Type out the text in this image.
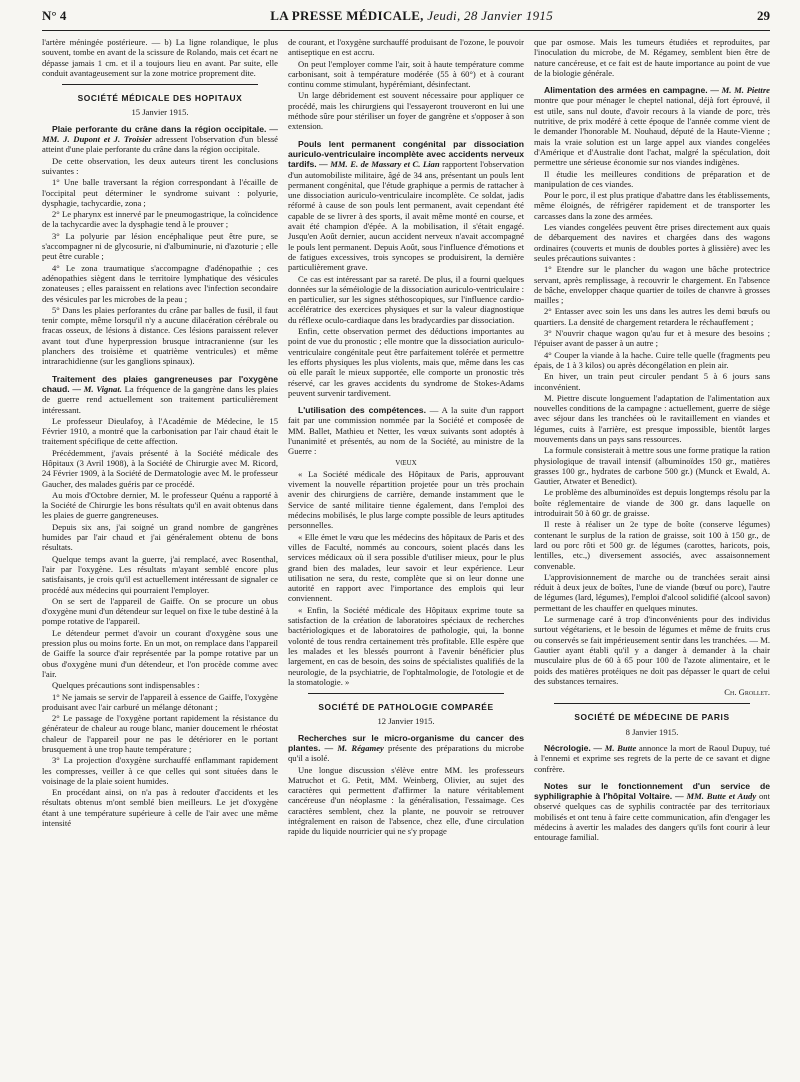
N° 4	LA PRESSE MÉDICALE, Jeudi, 28 Janvier 1915	29

l'artère méningée postérieure. — b) La ligne rolandique, le plus souvent, tombe en avant de la scissure de Rolando, mais cet écart ne dépasse jamais 1 cm. et il a toujours lieu en avant. Par suite, elle conduit avantageusement sur la zone motrice proprement dite.

SOCIÉTÉ MÉDICALE DES HOPITAUX
15 Janvier 1915.

Plaie perforante du crâne dans la région occipitale. — MM. J. Dupont et J. Troisier adressent l'observation d'un blessé atteint d'une plaie perforante du crâne dans la région occipitale.

De cette observation, les deux auteurs tirent les conclusions suivantes :

1° Une balle traversant la région correspondant à l'écaille de l'occipital peut déterminer le syndrome suivant : polyurie, dysphagie, tachycardie, zona ;

2° Le pharynx est innervé par le pneumogastrique, la coïncidence de la tachycardie avec la dysphagie tend à le prouver ;

3° La polyurie par lésion encéphalique peut être pure, se s'accompagner ni de glycosurie, ni d'albuminurie, ni d'azoturie ; elle peut être curable ;

4° Le zona traumatique s'accompagne d'adénopathie ; ces adénopathies siègent dans le territoire lymphatique des vésicules zonateuses ; elles paraissent en relations avec l'infection secondaire des vésicules par les microbes de la peau ;

5° Dans les plaies perforantes du crâne par balles de fusil, il faut tenir compte, même lorsqu'il n'y a aucune dilacération cérébrale ou fracas osseux, de lésions à distance. Ces lésions paraissent relever avant tout d'une hyperpression brusque intracranienne (sur les planchers des troisième et quatrième ventricules) et même intrarachidienne (sur les ganglions spinaux).

Traitement des plaies gangreneuses par l'oxygène chaud. — M. Vignat. La fréquence de la gangrène dans les plaies de guerre rend actuellement son traitement particulièrement intéressant.

Le professeur Dieulafoy, à l'Académie de Médecine, le 15 Février 1910, a montré que la carbonisation par l'air chaud était le traitement spécifique de cette affection.

Précédemment, j'avais présenté à la Société médicale des Hôpitaux (3 Avril 1908), à la Société de Chirurgie avec M. Ricord, 24 Février 1909, à la Société de Dermatologie avec M. le professeur Gaucher, des malades guéris par ce procédé.

Au mois d'Octobre dernier, M. le professeur Quénu a rapporté à la Société de Chirurgie les bons résultats qu'il en avait obtenus dans les plaies de guerre gangreneuses.

Depuis six ans, j'ai soigné un grand nombre de gangrènes humides par l'air chaud et j'ai généralement obtenu de bons résultats.

Quelque temps avant la guerre, j'ai remplacé, avec Rosenthal, l'air par l'oxygène. Les résultats m'ayant semblé encore plus satisfaisants, je crois qu'il est actuellement intéressant de signaler ce procédé aux médecins qui pourraient l'employer.

On se sert de l'appareil de Gaiffe. On se procure un obus d'oxygène muni d'un détendeur sur lequel on fixe le tube destiné à la pompe rotative de l'appareil.

Le détendeur permet d'avoir un courant d'oxygène sous une pression plus ou moins forte. En un mot, on remplace dans l'appareil de Gaiffe la source d'air représentée par la pompe rotative par un obus d'oxygène muni d'un détendeur, et l'on procède comme avec l'air.

Quelques précautions sont indispensables :

1° Ne jamais se servir de l'appareil à essence de Gaiffe, l'oxygène produisant avec l'air carburé un mélange détonant ;

2° Le passage de l'oxygène portant rapidement la résistance du générateur de chaleur au rouge blanc, manier doucement le rhéostat chaleur de l'appareil pour ne pas le détériorer en le portant brusquement à une trop haute température ;

3° La projection d'oxygène surchauffé enflammant rapidement les compresses, veiller à ce que celles qui sont situées dans le voisinage de la plaie soient humides.

En procédant ainsi, on n'a pas à redouter d'accidents et les résultats obtenus m'ont semblé bien meilleurs. Le jet d'oxygène étant à une température supérieure à celle de l'air avec une même intensité

de courant, et l'oxygène surchauffé produisant de l'ozone, le pouvoir antiseptique en est accru.

On peut l'employer comme l'air, soit à haute température comme carbonisant, soit à température modérée (55 à 60°) et à courant continu comme stimulant, hypérémiant, désinfectant.

Un large débridement est souvent nécessaire pour appliquer ce procédé, mais les chirurgiens qui l'essayeront trouveront en lui une méthode sûre pour stériliser un foyer de gangrène et s'opposer à son extension.

Pouls lent permanent congénital par dissociation auriculo-ventriculaire incomplète avec accidents nerveux tardifs. — MM. E. de Massary et C. Lian rapportent l'observation d'un automobiliste militaire, âgé de 34 ans, présentant un pouls lent permanent congénital, que l'étude graphique a permis de rattacher à une dissociation auriculo-ventriculaire incomplète. Ce soldat, jadis réformé à cause de son pouls lent permanent, avait cependant été capable de se livrer à des sports, il avait même monté en course, et avait été champion d'épée. A la mobilisation, il s'était engagé. Jusqu'en Août dernier, aucun accident nerveux n'avait accompagné le pouls lent permanent. Depuis Août, sous l'influence d'émotions et de fatigues excessives, trois syncopes se produisirent, la dernière particulièrement grave.

Ce cas est intéressant par sa rareté. De plus, il a fourni quelques données sur la séméiologie de la dissociation auriculo-ventriculaire : en particulier, sur les signes stéthoscopiques, sur l'influence cardio-accélératrice des exercices physiques et sur la valeur diagnostique du réflexe oculo-cardiaque dans les bradycardies par dissociation.

Enfin, cette observation permet des déductions importantes au point de vue du pronostic ; elle montre que la dissociation auriculo-ventriculaire congénitale peut être parfaitement tolérée et permettre les efforts physiques les plus violents, mais que, même dans les cas où elle paraît le mieux supportée, elle comporte un pronostic très réservé, car les graves accidents du syndrome de Stokes-Adams peuvent survenir tardivement.

L'utilisation des compétences. — A la suite d'un rapport fait par une commission nommée par la Société et composée de MM. Ballet, Mathieu et Netter, les vœux suivants sont adoptés à l'unanimité et présentés, au nom de la Société, au ministre de la Guerre :

VŒUX

« La Société médicale des Hôpitaux de Paris, approuvant vivement la nouvelle répartition projetée pour un très prochain avenir des chirurgiens de carrière, demande instamment que le Service de santé militaire tienne également, dans l'emploi des médecins mobilisés, le plus large compte possible de leurs aptitudes personnelles.

« Elle émet le vœu que les médecins des hôpitaux de Paris et des villes de Faculté, nommés au concours, soient placés dans les services médicaux où il sera possible d'utiliser mieux, pour le plus grand bien des malades, leur savoir et leur expérience. Leur utilisation ne sera, du reste, complète que si on leur donne une autorité en rapport avec l'importance des emplois qui leur conviennent.

« Enfin, la Société médicale des Hôpitaux exprime toute sa satisfaction de la création de laboratoires spéciaux de recherches bactériologiques et de laboratoires de pathologie, qui, la bonne volonté de tous rendra certainement très profitable. Elle espère que les malades et les blessés pourront à l'avenir bénéficier plus largement, en cas de besoin, des soins de spécialistes qualifiés de la neurologie, de la psychiatrie, de l'ophtalmologie, de l'otologie et de la stomatologie. »

SOCIÉTÉ DE PATHOLOGIE COMPARÉE
12 Janvier 1915.

Recherches sur le micro-organisme du cancer des plantes. — M. Régamey présente des préparations du microbe qu'il a isolé.

Une longue discussion s'élève entre MM. les professeurs Matruchot et G. Petit, MM. Weinberg, Olivier, au sujet des caractères qui permettent d'affirmer la nature véritablement cancéreuse d'un néoplasme : la généralisation, l'essaimage. Ces caractères semblent, chez la plante, ne pouvoir se retrouver intégralement en raison de l'absence, chez elle, d'une circulation rapide du liquide nourricier qui ne s'y propage

que par osmose. Mais les tumeurs étudiées et reproduites, par l'inoculation du microbe, de M. Régamey, semblent bien être de nature cancéreuse, et ce fait est de haute importance au point de vue de la biologie générale.

Alimentation des armées en campagne. — M. M. Piettre montre que pour ménager le cheptel national, déjà fort éprouvé, il est utile, sans nul doute, d'avoir recours à la viande de porc, très nutritive, de prix modéré à cette époque de l'année comme vient de le demander l'honorable M. Nouhaud, député de la Haute-Vienne ; mais la vraie solution est un large appel aux viandes congelées d'Amérique et d'Australie dont l'achat, malgré la spéculation, doit permettre une sérieuse économie sur nos viandes indigènes.

Il étudie les meilleures conditions de préparation et de manipulation de ces viandes.

Pour le porc, il est plus pratique d'abattre dans les établissements, même éloignés, de réfrigérer rapidement et de transporter les carcasses dans la zone des armées.

Les viandes congelées peuvent être prises directement aux quais de débarquement des navires et chargées dans des wagons ordinaires (couverts et munis de doubles portes à glissière) avec les seules précautions suivantes :

1° Etendre sur le plancher du wagon une bâche protectrice servant, après remplissage, à recouvrir le chargement. En l'absence de bâche, envelopper chaque quartier de toiles de chanvre à grosses mailles ;

2° Entasser avec soin les uns dans les autres les demi bœufs ou quartiers. La densité de chargement retardera le réchauffement ;

3° N'ouvrir chaque wagon qu'au fur et à mesure des besoins ; l'épuiser avant de passer à un autre ;

4° Couper la viande à la hache. Cuire telle quelle (fragments peu épais, de 1 à 3 kilos) ou après décongélation en plein air.

En hiver, un train peut circuler pendant 5 à 6 jours sans inconvénient.

M. Piettre discute longuement l'adaptation de l'alimentation aux nouvelles conditions de la campagne : actuellement, guerre de siège avec séjour dans les tranchées où le ravitaillement en viandes et légumes, cuits à l'arrière, est presque impossible, bientôt larges mouvements dans un pays sans ressources.

La formule consisterait à mettre sous une forme pratique la ration physiologique de travail intensif (albuminoïdes 150 gr., matières grasses 100 gr., hydrates de carbone 500 gr.) (Munck et Ewald, A. Gautier, Atwater et Benedict).

Le problème des albuminoïdes est depuis longtemps résolu par la boîte réglementaire de viande de 300 gr. dans laquelle on introduirait 50 à 60 gr. de graisse.

Il reste à réaliser un 2e type de boîte (conserve légumes) contenant le surplus de la ration de graisse, soit 100 à 150 gr., de lard ou porc rôti et 500 gr. de légumes (carottes, haricots, pois, lentilles, etc.,) diversement associés, avec assaisonnement convenable.

L'approvisionnement de marche ou de tranchées serait ainsi réduit à deux jeux de boîtes, l'une de viande (bœuf ou porc), l'autre de légumes (lard, légumes), l'emploi d'alcool solidifié (alcool savon) permettant de les chauffer en quelques minutes.

Le surmenage caré à trop d'inconvénients pour des individus surtout végétariens, et le besoin de légumes et même de fruits crus ou conservés se fait impérieusement sentir dans les tranchées. — M. Gautier ayant établi qu'il y a danger à demander à la chair musculaire plus de 60 à 65 pour 100 de l'azote alimentaire, et le poids des matières protéiques ne doit pas dépasser le quart de celui des substances ternaires.

Ch. Grollet.

SOCIÉTÉ DE MÉDECINE DE PARIS
8 Janvier 1915.

Nécrologie. — M. Butte annonce la mort de Raoul Dupuy, tué à l'ennemi et exprime ses regrets de la perte de ce savant et digne confrère.

Notes sur le fonctionnement d'un service de syphiligraphie à l'hôpital Voltaire. — MM. Butte et Audy ont observé quelques cas de syphilis contractée par des territoriaux mobilisés et ont tenu à faire cette communication, afin d'engager les médecins à avertir les malades des dangers qu'ils font courir à leur entourage familial.
